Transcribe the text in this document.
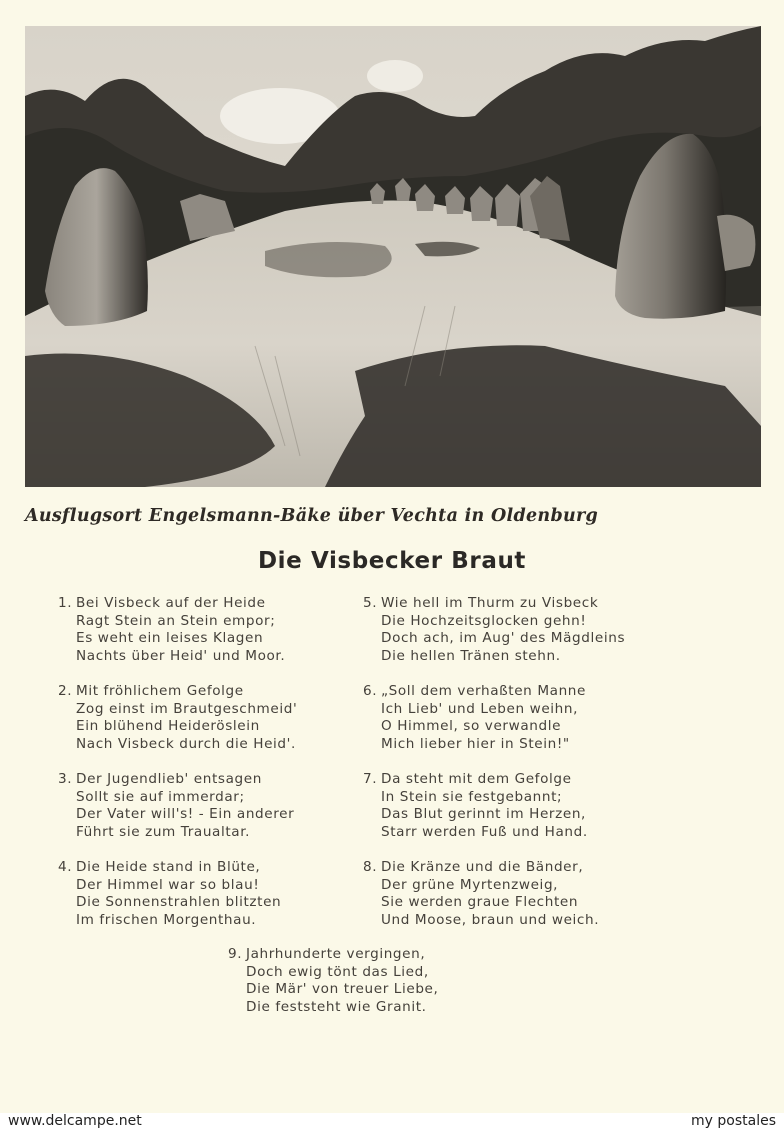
Ausflugsort Engelsmann-Bäke über Vechta in Oldenburg
Die Visbecker Braut
1. Bei Visbeck auf der Heide
Ragt Stein an Stein empor;
Es weht ein leises Klagen
Nachts über Heid' und Moor.
2. Mit fröhlichem Gefolge
Zog einst im Brautgeschmeid'
Ein blühend Heideröslein
Nach Visbeck durch die Heid'.
3. Der Jugendlieb' entsagen
Sollt sie auf immerdar;
Der Vater will's! - Ein anderer
Führt sie zum Traualtar.
4. Die Heide stand in Blüte,
Der Himmel war so blau!
Die Sonnenstrahlen blitzten
Im frischen Morgenthau.
5. Wie hell im Thurm zu Visbeck
Die Hochzeitsglocken gehn!
Doch ach, im Aug' des Mägdleins
Die hellen Tränen stehn.
6. „Soll dem verhaßten Manne
Ich Lieb' und Leben weihn,
O Himmel, so verwandle
Mich lieber hier in Stein!"
7. Da steht mit dem Gefolge
In Stein sie festgebannt;
Das Blut gerinnt im Herzen,
Starr werden Fuß und Hand.
8. Die Kränze und die Bänder,
Der grüne Myrtenzweig,
Sie werden graue Flechten
Und Moose, braun und weich.
9. Jahrhunderte vergingen,
Doch ewig tönt das Lied,
Die Mär' von treuer Liebe,
Die feststeht wie Granit.
www.delcampe.net	my postales
